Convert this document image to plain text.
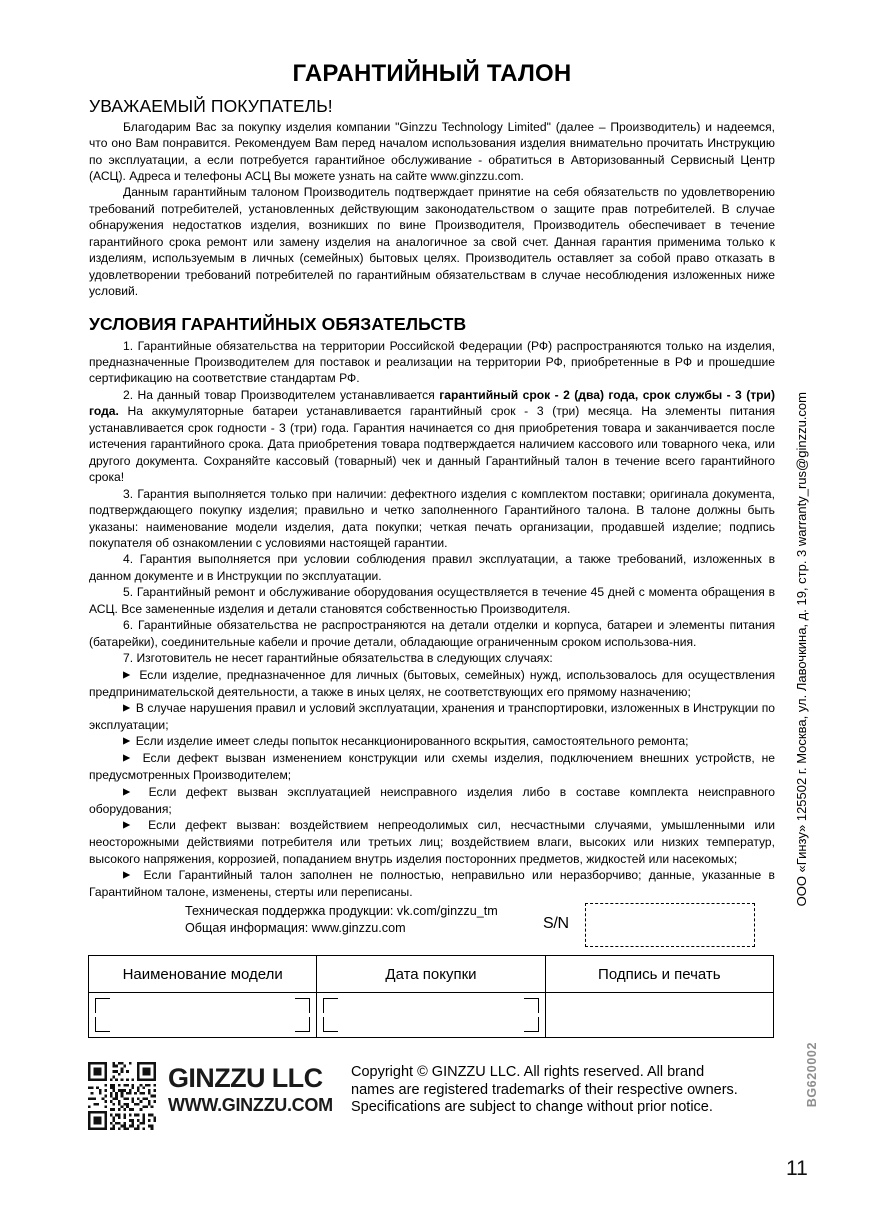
ГАРАНТИЙНЫЙ ТАЛОН
УВАЖАЕМЫЙ ПОКУПАТЕЛЬ!

Благодарим Вас за покупку изделия компании "Ginzzu Technology Limited" (далее – Производитель) и надеемся, что оно Вам понравится. Рекомендуем Вам перед началом использования изделия внимательно прочитать Инструкцию по эксплуатации, а если потребуется гарантийное обслуживание - обратиться в Авторизованный Сервисный Центр (АСЦ). Адреса и телефоны АСЦ Вы можете узнать на сайте www.ginzzu.com.

Данным гарантийным талоном Производитель подтверждает принятие на себя обязательств по удовлетворению требований потребителей, установленных действующим законодательством о защите прав потребителей. В случае обнаружения недостатков изделия, возникших по вине Производителя, Производитель обеспечивает в течение гарантийного срока ремонт или замену изделия на аналогичное за свой счет. Данная гарантия применима только к изделиям, используемым в личных (семейных) бытовых целях. Производитель оставляет за собой право отказать в удовлетворении требований потребителей по гарантийным обязательствам в случае несоблюдения изложенных ниже условий.

УСЛОВИЯ ГАРАНТИЙНЫХ ОБЯЗАТЕЛЬСТВ

1. Гарантийные обязательства на территории Российской Федерации (РФ) распространяются только на изделия, предназначенные Производителем для поставок и реализации на территории РФ, приобретенные в РФ и прошедшие сертификацию на соответствие стандартам РФ.

2. На данный товар Производителем устанавливается гарантийный срок - 2 (два) года, срок службы - 3 (три) года. На аккумуляторные батареи устанавливается гарантийный срок - 3 (три) месяца. На элементы питания устанавливается срок годности - 3 (три) года. Гарантия начинается со дня приобретения товара и заканчивается после истечения гарантийного срока. Дата приобретения товара подтверждается наличием кассового или товарного чека, или другого документа. Сохраняйте кассовый (товарный) чек и данный Гарантийный талон в течение всего гарантийного срока!

3. Гарантия выполняется только при наличии: дефектного изделия с комплектом поставки; оригинала документа, подтверждающего покупку изделия; правильно и четко заполненного Гарантийного талона. В талоне должны быть указаны: наименование модели изделия, дата покупки; четкая печать организации, продавшей изделие; подпись покупателя об ознакомлении с условиями настоящей гарантии.

4. Гарантия выполняется при условии соблюдения правил эксплуатации, а также требований, изложенных в данном документе и в Инструкции по эксплуатации.

5. Гарантийный ремонт и обслуживание оборудования осуществляется в течение 45 дней с момента обращения в АСЦ. Все замененные изделия и детали становятся собственностью Производителя.

6. Гарантийные обязательства не распространяются на детали отделки и корпуса, батареи и элементы питания (батарейки), соединительные кабели и прочие детали, обладающие ограниченным сроком использова-ния.

7. Изготовитель не несет гарантийные обязательства в следующих случаях:

▶ Если изделие, предназначенное для личных (бытовых, семейных) нужд, использовалось для осуществления предпринимательской деятельности, а также в иных целях, не соответствующих его прямому назначению;

▶ В случае нарушения правил и условий эксплуатации, хранения и транспортировки, изложенных в Инструкции по эксплуатации;

▶ Если изделие имеет следы попыток несанкционированного вскрытия, самостоятельного ремонта;

▶ Если дефект вызван изменением конструкции или схемы изделия, подключением внешних устройств, не предусмотренных Производителем;

▶ Если дефект вызван эксплуатацией неисправного изделия либо в составе комплекта неисправного оборудования;

▶ Если дефект вызван: воздействием непреодолимых сил, несчастными случаями, умышленными или неосторожными действиями потребителя или третьих лиц; воздействием влаги, высоких или низких температур, высокого напряжения, коррозией, попаданием внутрь изделия посторонних предметов, жидкостей или насекомых;

▶ Если Гарантийный талон заполнен не полностью, неправильно или неразборчиво; данные, указанные в Гарантийном талоне, изменены, стерты или переписаны.

Техническая поддержка продукции: vk.com/ginzzu_tm
Общая информация: www.ginzzu.com	S/N
Наименование модели	Дата покупки	Подпись и печать

GINZZU LLC
WWW.GINZZU.COM
Copyright © GINZZU LLC. All rights reserved. All brand
names are registered trademarks of their respective owners.
Specifications are subject to change without prior notice.
ООО «Гинзу» 125502 г. Москва, ул. Лавочкина, д. 19, стр. 3 warranty_rus@ginzzu.com
BG620002
11
